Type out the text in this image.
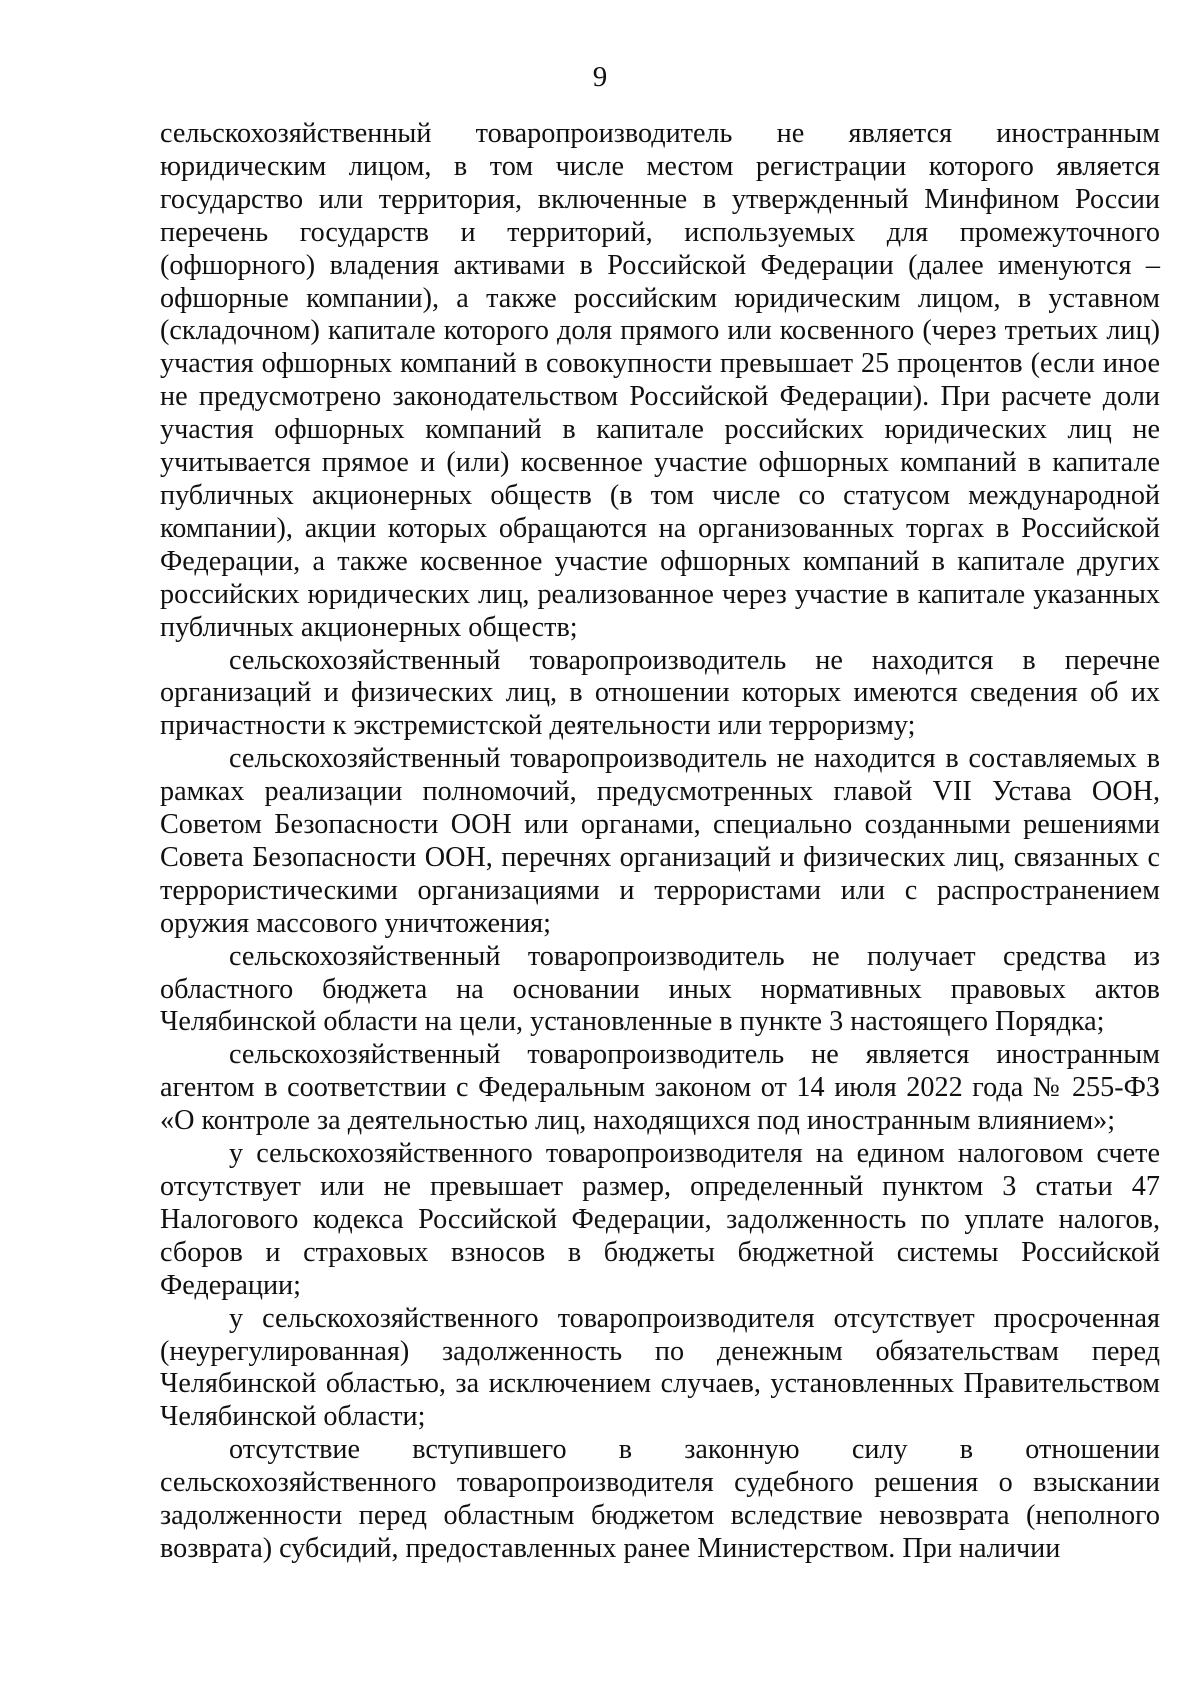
9

сельскохозяйственный товаропроизводитель не является иностранным юридическим лицом, в том числе местом регистрации которого является государство или территория, включенные в утвержденный Минфином России перечень государств и территорий, используемых для промежуточного (офшорного) владения активами в Российской Федерации (далее именуются – офшорные компании), а также российским юридическим лицом, в уставном (складочном) капитале которого доля прямого или косвенного (через третьих лиц) участия офшорных компаний в совокупности превышает 25 процентов (если иное не предусмотрено законодательством Российской Федерации). При расчете доли участия офшорных компаний в капитале российских юридических лиц не учитывается прямое и (или) косвенное участие офшорных компаний в капитале публичных акционерных обществ (в том числе со статусом международной компании), акции которых обращаются на организованных торгах в Российской Федерации, а также косвенное участие офшорных компаний в капитале других российских юридических лиц, реализованное через участие в капитале указанных публичных акционерных обществ;

сельскохозяйственный товаропроизводитель не находится в перечне организаций и физических лиц, в отношении которых имеются сведения об их причастности к экстремистской деятельности или терроризму;

сельскохозяйственный товаропроизводитель не находится в составляемых в рамках реализации полномочий, предусмотренных главой VII Устава ООН, Советом Безопасности ООН или органами, специально созданными решениями Совета Безопасности ООН, перечнях организаций и физических лиц, связанных с террористическими организациями и террористами или с распространением оружия массового уничтожения;

сельскохозяйственный товаропроизводитель не получает средства из областного бюджета на основании иных нормативных правовых актов Челябинской области на цели, установленные в пункте 3 настоящего Порядка;

сельскохозяйственный товаропроизводитель не является иностранным агентом в соответствии с Федеральным законом от 14 июля 2022 года № 255-ФЗ «О контроле за деятельностью лиц, находящихся под иностранным влиянием»;

у сельскохозяйственного товаропроизводителя на едином налоговом счете отсутствует или не превышает размер, определенный пунктом 3 статьи 47 Налогового кодекса Российской Федерации, задолженность по уплате налогов, сборов и страховых взносов в бюджеты бюджетной системы Российской Федерации;

у сельскохозяйственного товаропроизводителя отсутствует просроченная (неурегулированная) задолженность по денежным обязательствам перед Челябинской областью, за исключением случаев, установленных Правительством Челябинской области;

отсутствие вступившего в законную силу в отношении сельскохозяйственного товаропроизводителя судебного решения о взыскании задолженности перед областным бюджетом вследствие невозврата (неполного возврата) субсидий, предоставленных ранее Министерством. При наличии
